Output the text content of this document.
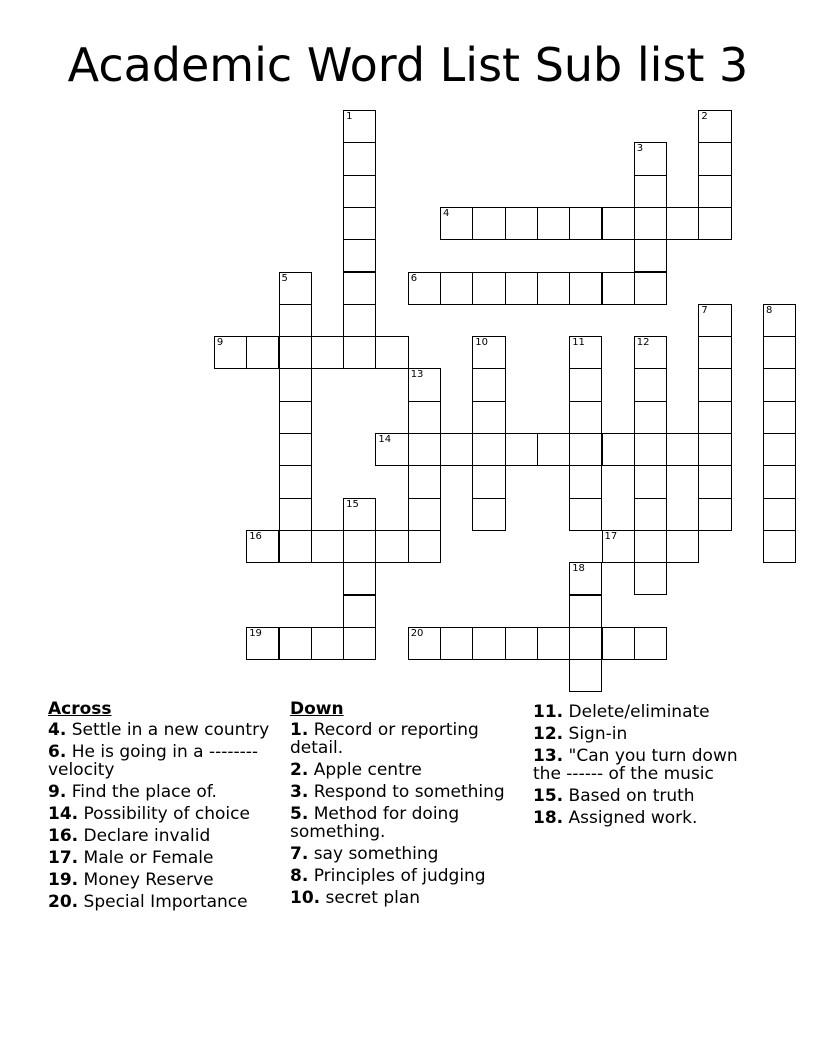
Academic Word List Sub list 3
1	2
3
4
5	6
7	8
9	10	11	12
13
14
15
16	17
18
19	20
Across
4. Settle in a new country
6. He is going in a -------- velocity
9. Find the place of.
14. Possibility of choice
16. Declare invalid
17. Male or Female
19. Money Reserve
20. Special Importance
Down
1. Record or reporting detail.
2. Apple centre
3. Respond to something
5. Method for doing something.
7. say something
8. Principles of judging
10. secret plan
11. Delete/eliminate
12. Sign-in
13. "Can you turn down the ------ of the music
15. Based on truth
18. Assigned work.
